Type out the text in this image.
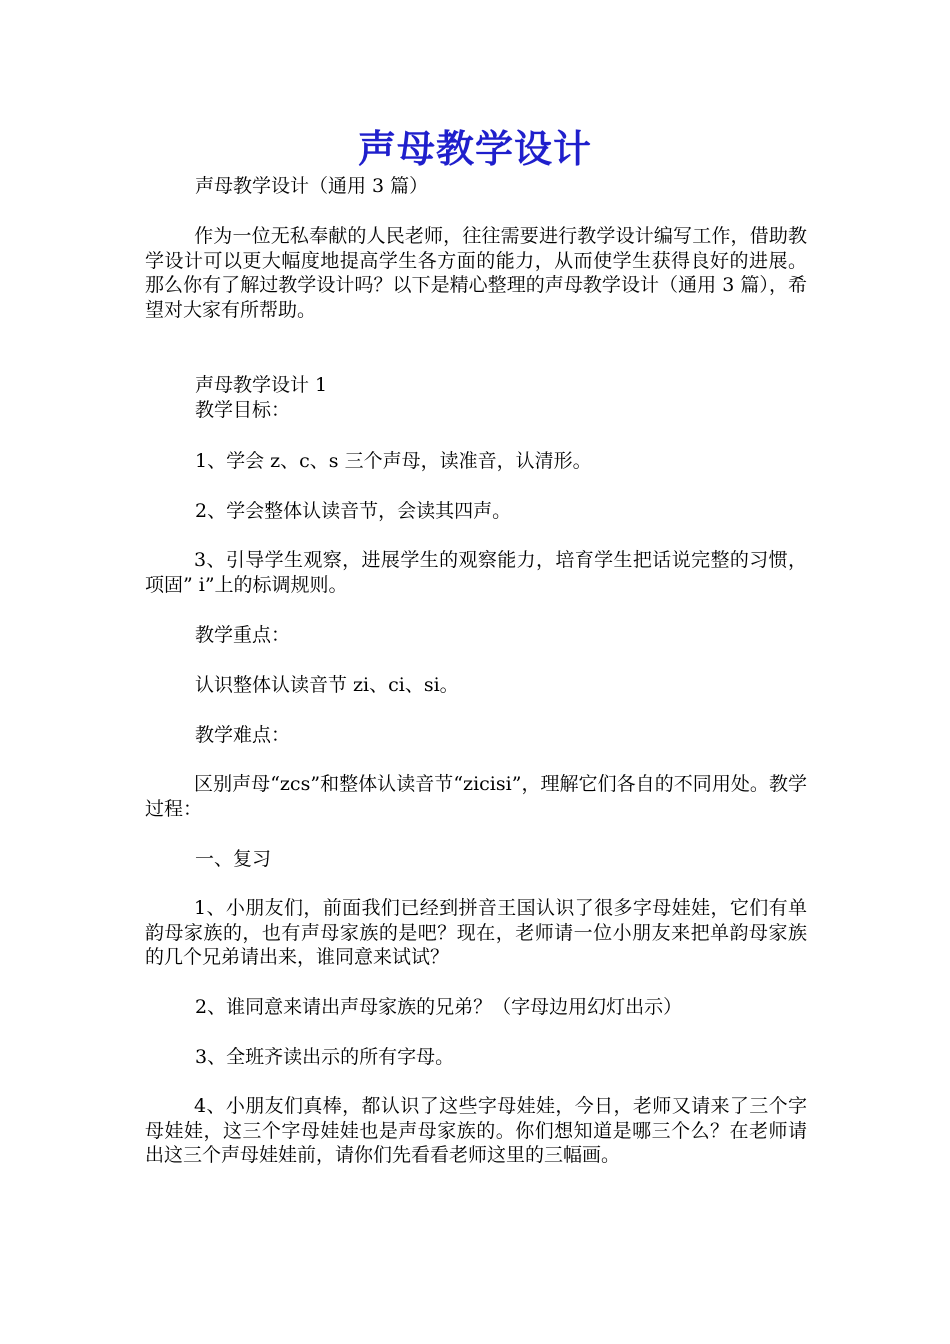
声母教学设计
声母教学设计（通用 3 篇）

作为一位无私奉献的人民老师，往往需要进行教学设计编写工作，借助教学设计可以更大幅度地提高学生各方面的能力，从而使学生获得良好的进展。那么你有了解过教学设计吗？以下是精心整理的声母教学设计（通用 3 篇），希望对大家有所帮助。

声母教学设计 1

教学目标：

1、学会 z、c、s 三个声母，读准音，认清形。

2、学会整体认读音节，会读其四声。

3、引导学生观察，进展学生的观察能力，培育学生把话说完整的习惯，项固” i”上的标调规则。

教学重点：

认识整体认读音节 zi、ci、si。

教学难点：

区别声母“zcs”和整体认读音节“zicisi”，理解它们各自的不同用处。教学过程：

一、复习

1、小朋友们，前面我们已经到拼音王国认识了很多字母娃娃，它们有单韵母家族的，也有声母家族的是吧？现在，老师请一位小朋友来把单韵母家族的几个兄弟请出来，谁同意来试试？

2、谁同意来请出声母家族的兄弟？（字母边用幻灯出示）

3、全班齐读出示的所有字母。

4、小朋友们真棒，都认识了这些字母娃娃，今日，老师又请来了三个字母娃娃，这三个字母娃娃也是声母家族的。你们想知道是哪三个么？在老师请出这三个声母娃娃前，请你们先看看老师这里的三幅画。
